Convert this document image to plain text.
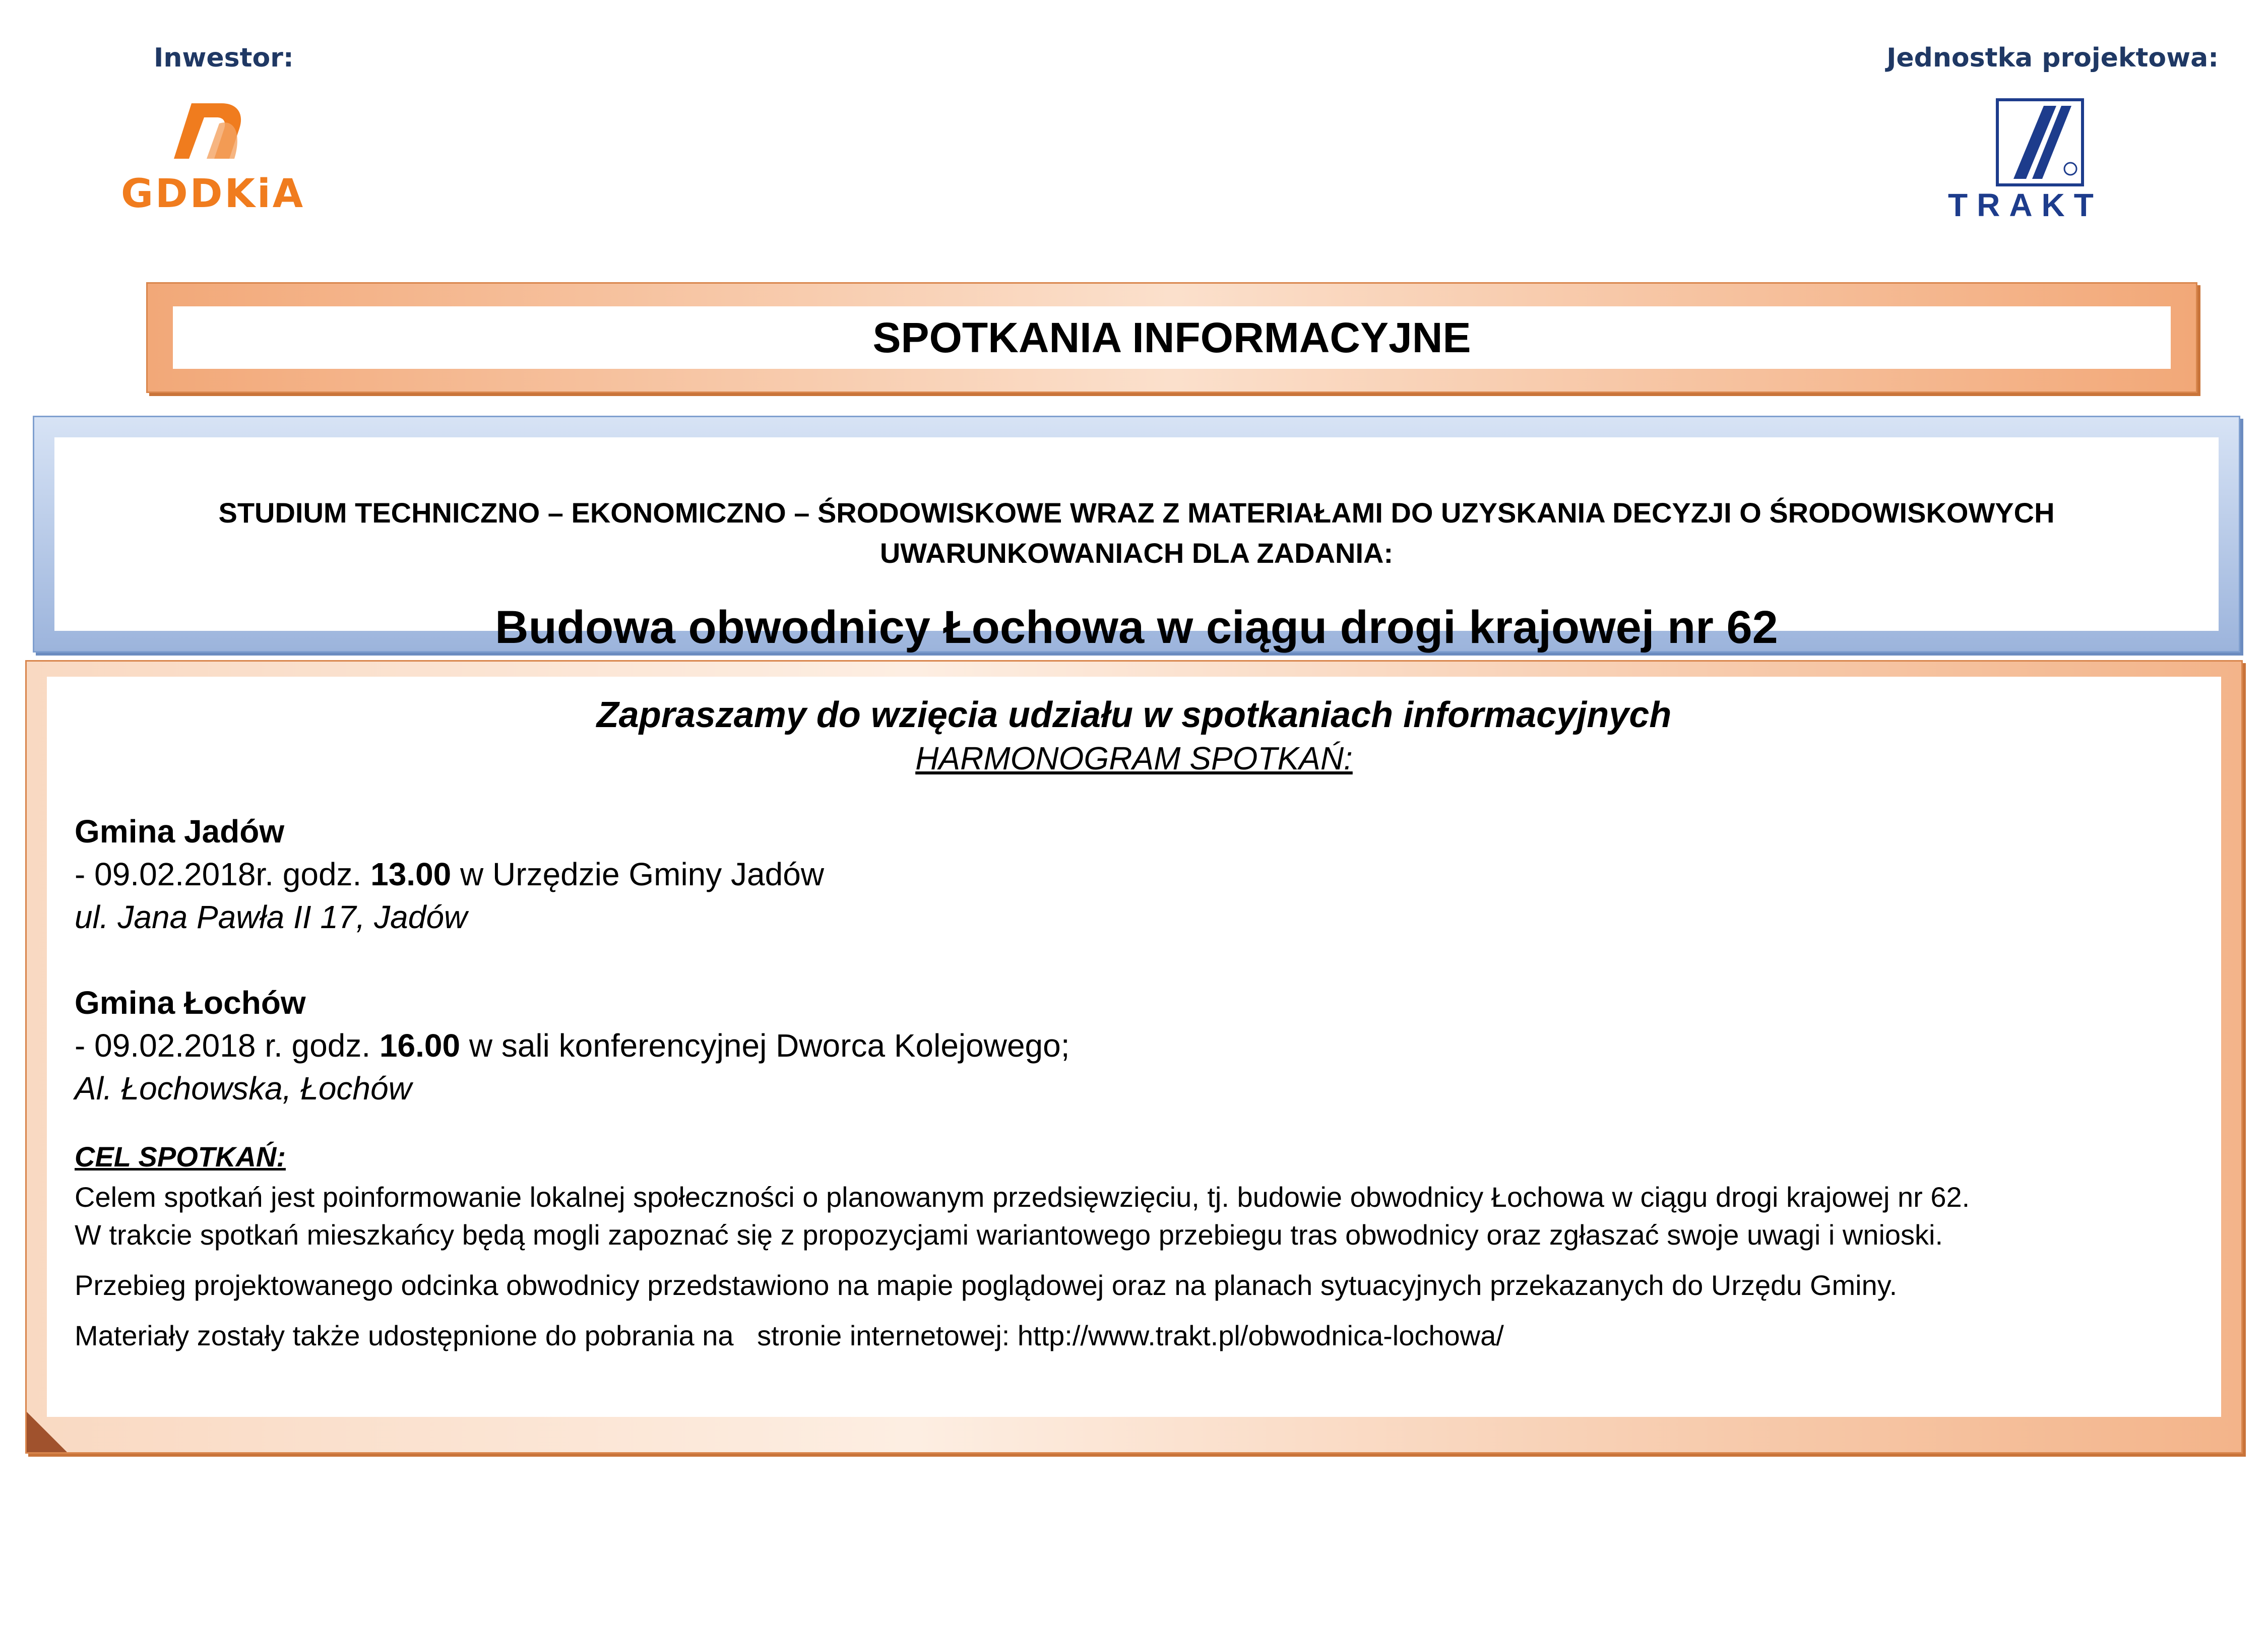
Inwestor:	Jednostka projektowa:
GDDKiA	TRAKT
SPOTKANIA INFORMACYJNE
STUDIUM TECHNICZNO – EKONOMICZNO – ŚRODOWISKOWE WRAZ Z MATERIAŁAMI DO UZYSKANIA DECYZJI O ŚRODOWISKOWYCH
UWARUNKOWANIACH DLA ZADANIA:
Budowa obwodnicy Łochowa w ciągu drogi krajowej nr 62
Zapraszamy do wzięcia udziału w spotkaniach informacyjnych
HARMONOGRAM SPOTKAŃ:
Gmina Jadów
- 09.02.2018r. godz. 13.00 w Urzędzie Gminy Jadów
ul. Jana Pawła II 17, Jadów
Gmina Łochów
- 09.02.2018 r. godz. 16.00 w sali konferencyjnej Dworca Kolejowego;
Al. Łochowska, Łochów
CEL SPOTKAŃ:
Celem spotkań jest poinformowanie lokalnej społeczności o planowanym przedsięwzięciu, tj. budowie obwodnicy Łochowa w ciągu drogi krajowej nr 62.
W trakcie spotkań mieszkańcy będą mogli zapoznać się z propozycjami wariantowego przebiegu tras obwodnicy oraz zgłaszać swoje uwagi i wnioski.
Przebieg projektowanego odcinka obwodnicy przedstawiono na mapie poglądowej oraz na planach sytuacyjnych przekazanych do Urzędu Gminy.
Materiały zostały także udostępnione do pobrania na   stronie internetowej: http://www.trakt.pl/obwodnica-lochowa/
